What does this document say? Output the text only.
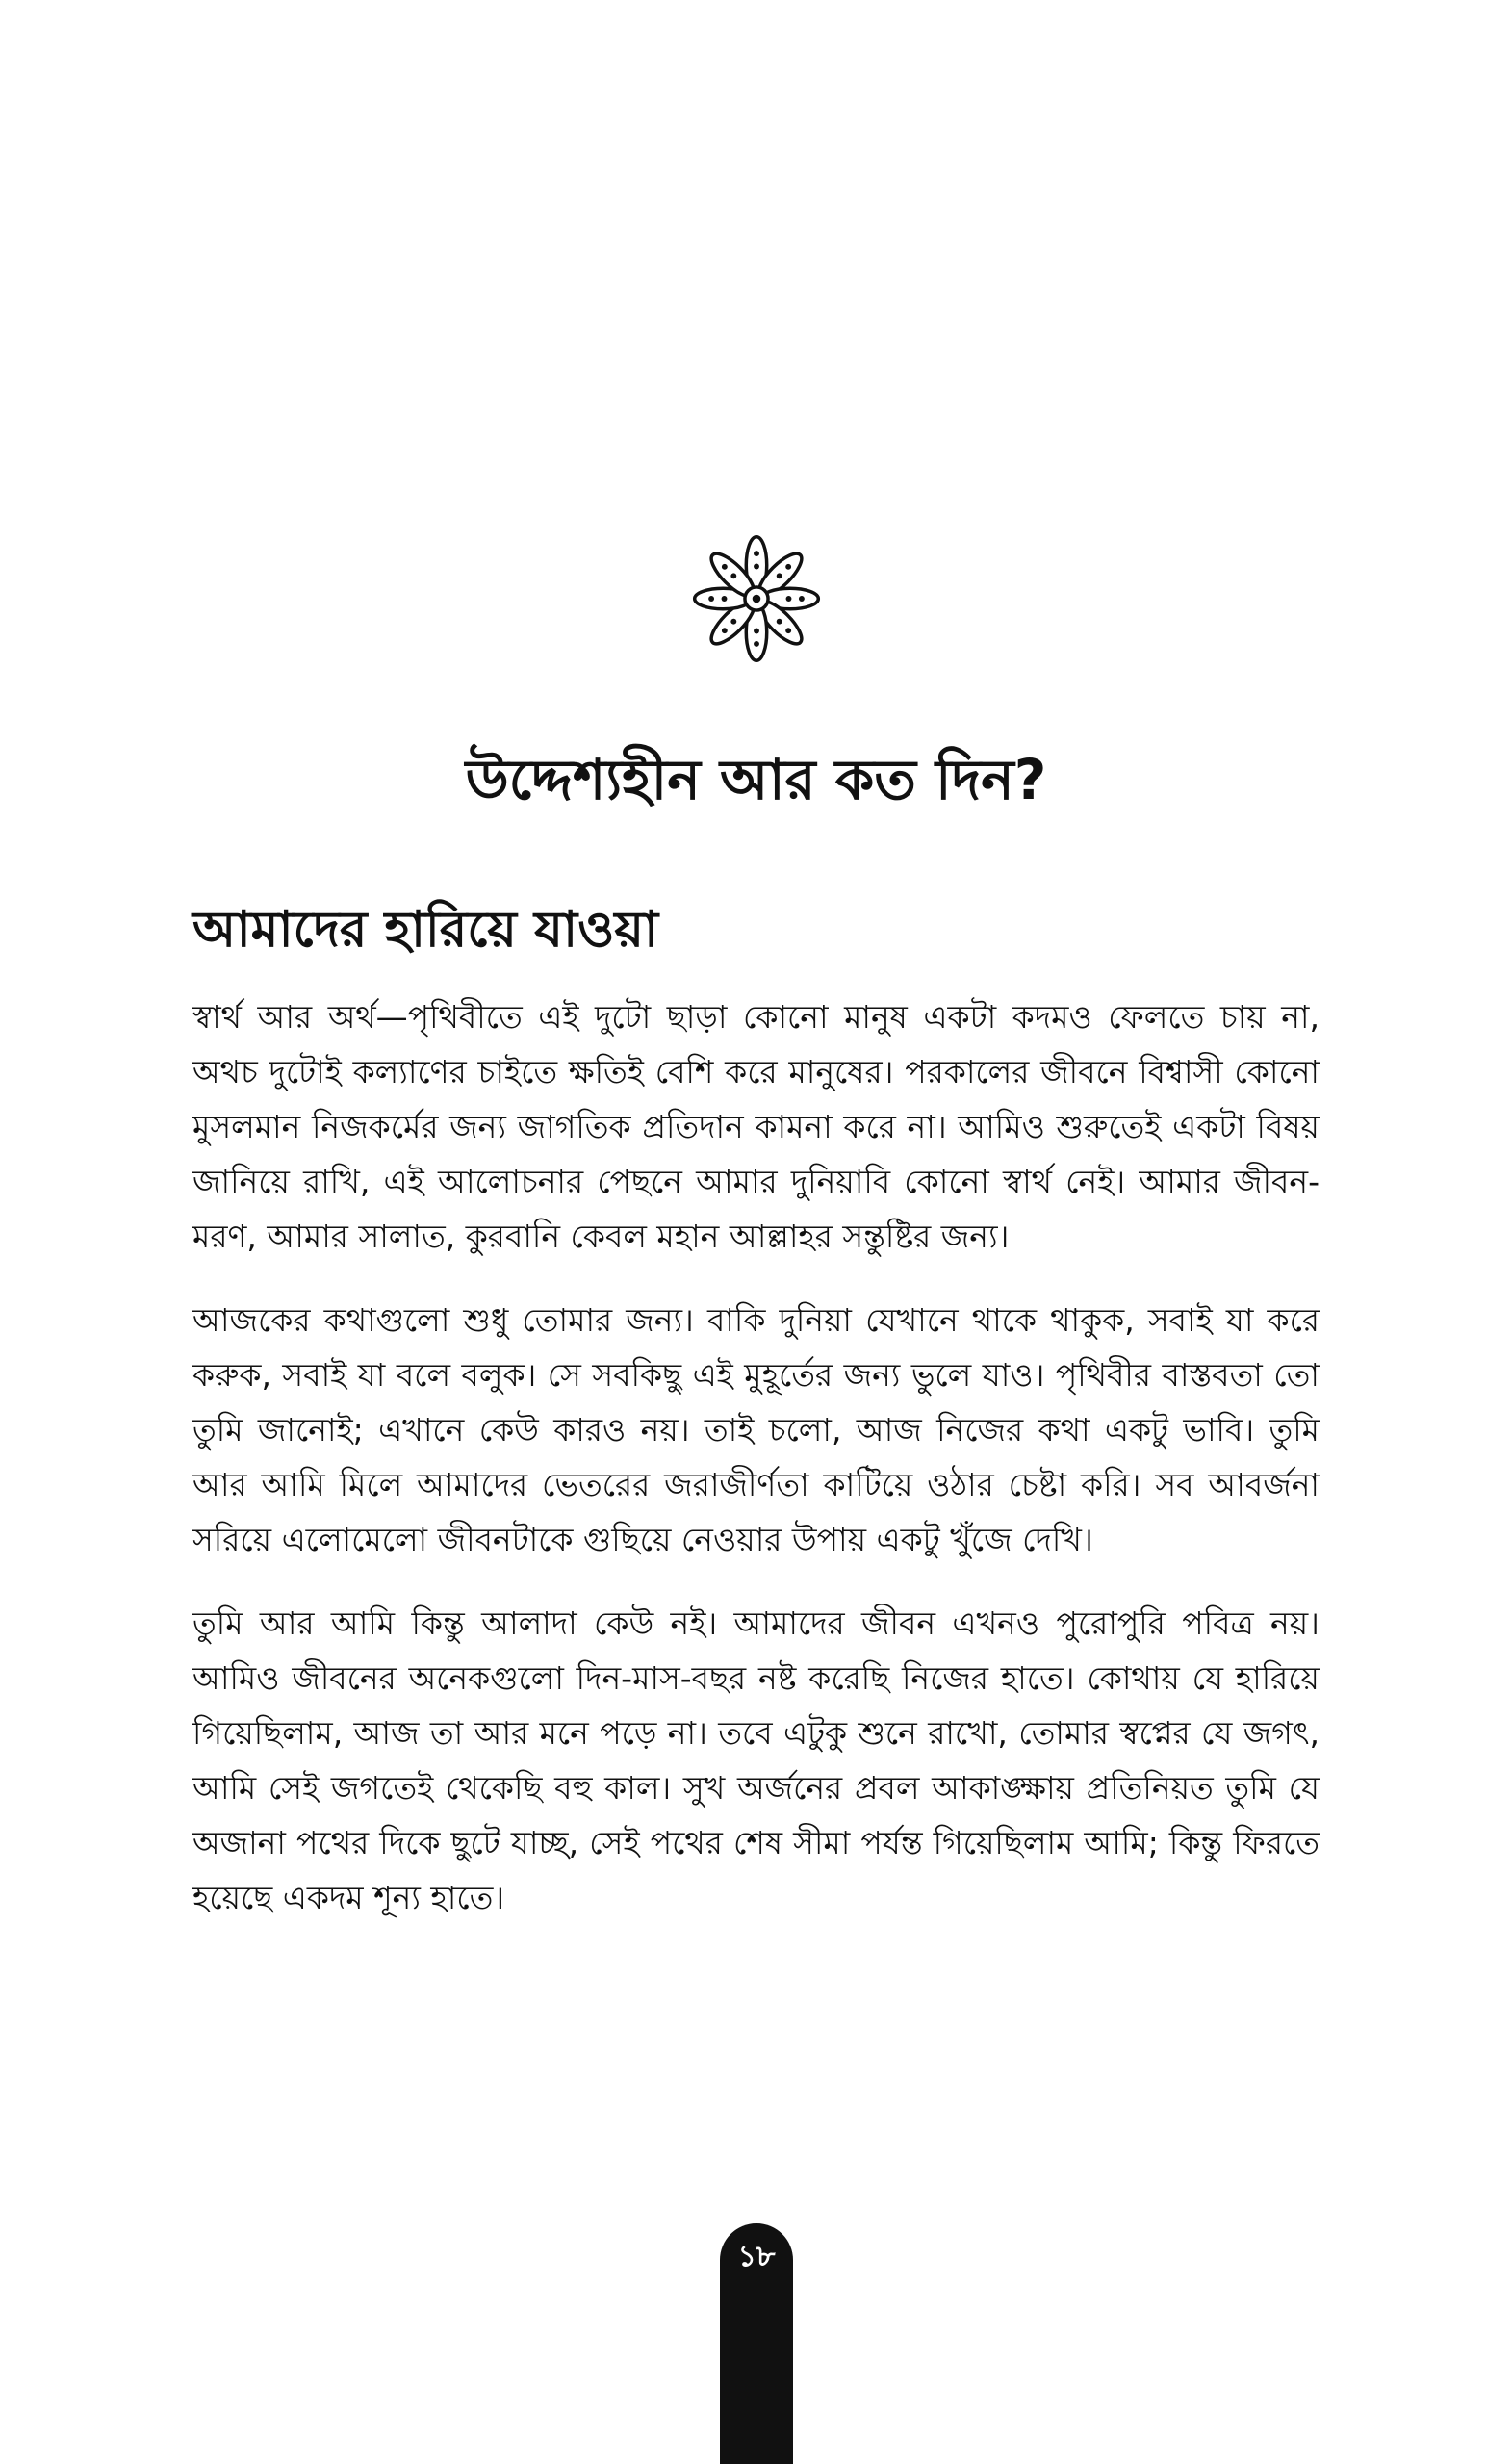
উদ্দেশ্যহীন আর কত দিন?
আমাদের হারিয়ে যাওয়া

স্বার্থ আর অর্থ—পৃথিবীতে এই দুটো ছাড়া কোনো মানুষ একটা কদমও ফেলতে চায় না, অথচ দুটোই কল্যাণের চাইতে ক্ষতিই বেশি করে মানুষের। পরকালের জীবনে বিশ্বাসী কোনো মুসলমান নিজকর্মের জন্য জাগতিক প্রতিদান কামনা করে না। আমিও শুরুতেই একটা বিষয় জানিয়ে রাখি, এই আলোচনার পেছনে আমার দুনিয়াবি কোনো স্বার্থ নেই। আমার জীবন-মরণ, আমার সালাত, কুরবানি কেবল মহান আল্লাহর সন্তুষ্টির জন্য।

আজকের কথাগুলো শুধু তোমার জন্য। বাকি দুনিয়া যেখানে থাকে থাকুক, সবাই যা করে করুক, সবাই যা বলে বলুক। সে সবকিছু এই মুহূর্তের জন্য ভুলে যাও। পৃথিবীর বাস্তবতা তো তুমি জানোই; এখানে কেউ কারও নয়। তাই চলো, আজ নিজের কথা একটু ভাবি। তুমি আর আমি মিলে আমাদের ভেতরের জরাজীর্ণতা কাটিয়ে ওঠার চেষ্টা করি। সব আবর্জনা সরিয়ে এলোমেলো জীবনটাকে গুছিয়ে নেওয়ার উপায় একটু খুঁজে দেখি।

তুমি আর আমি কিন্তু আলাদা কেউ নই। আমাদের জীবন এখনও পুরোপুরি পবিত্র নয়। আমিও জীবনের অনেকগুলো দিন-মাস-বছর নষ্ট করেছি নিজের হাতে। কোথায় যে হারিয়ে গিয়েছিলাম, আজ তা আর মনে পড়ে না। তবে এটুকু শুনে রাখো, তোমার স্বপ্নের যে জগৎ, আমি সেই জগতেই থেকেছি বহু কাল। সুখ অর্জনের প্রবল আকাঙ্ক্ষায় প্রতিনিয়ত তুমি যে অজানা পথের দিকে ছুটে যাচ্ছ, সেই পথের শেষ সীমা পর্যন্ত গিয়েছিলাম আমি; কিন্তু ফিরতে হয়েছে একদম শূন্য হাতে।

১৮
